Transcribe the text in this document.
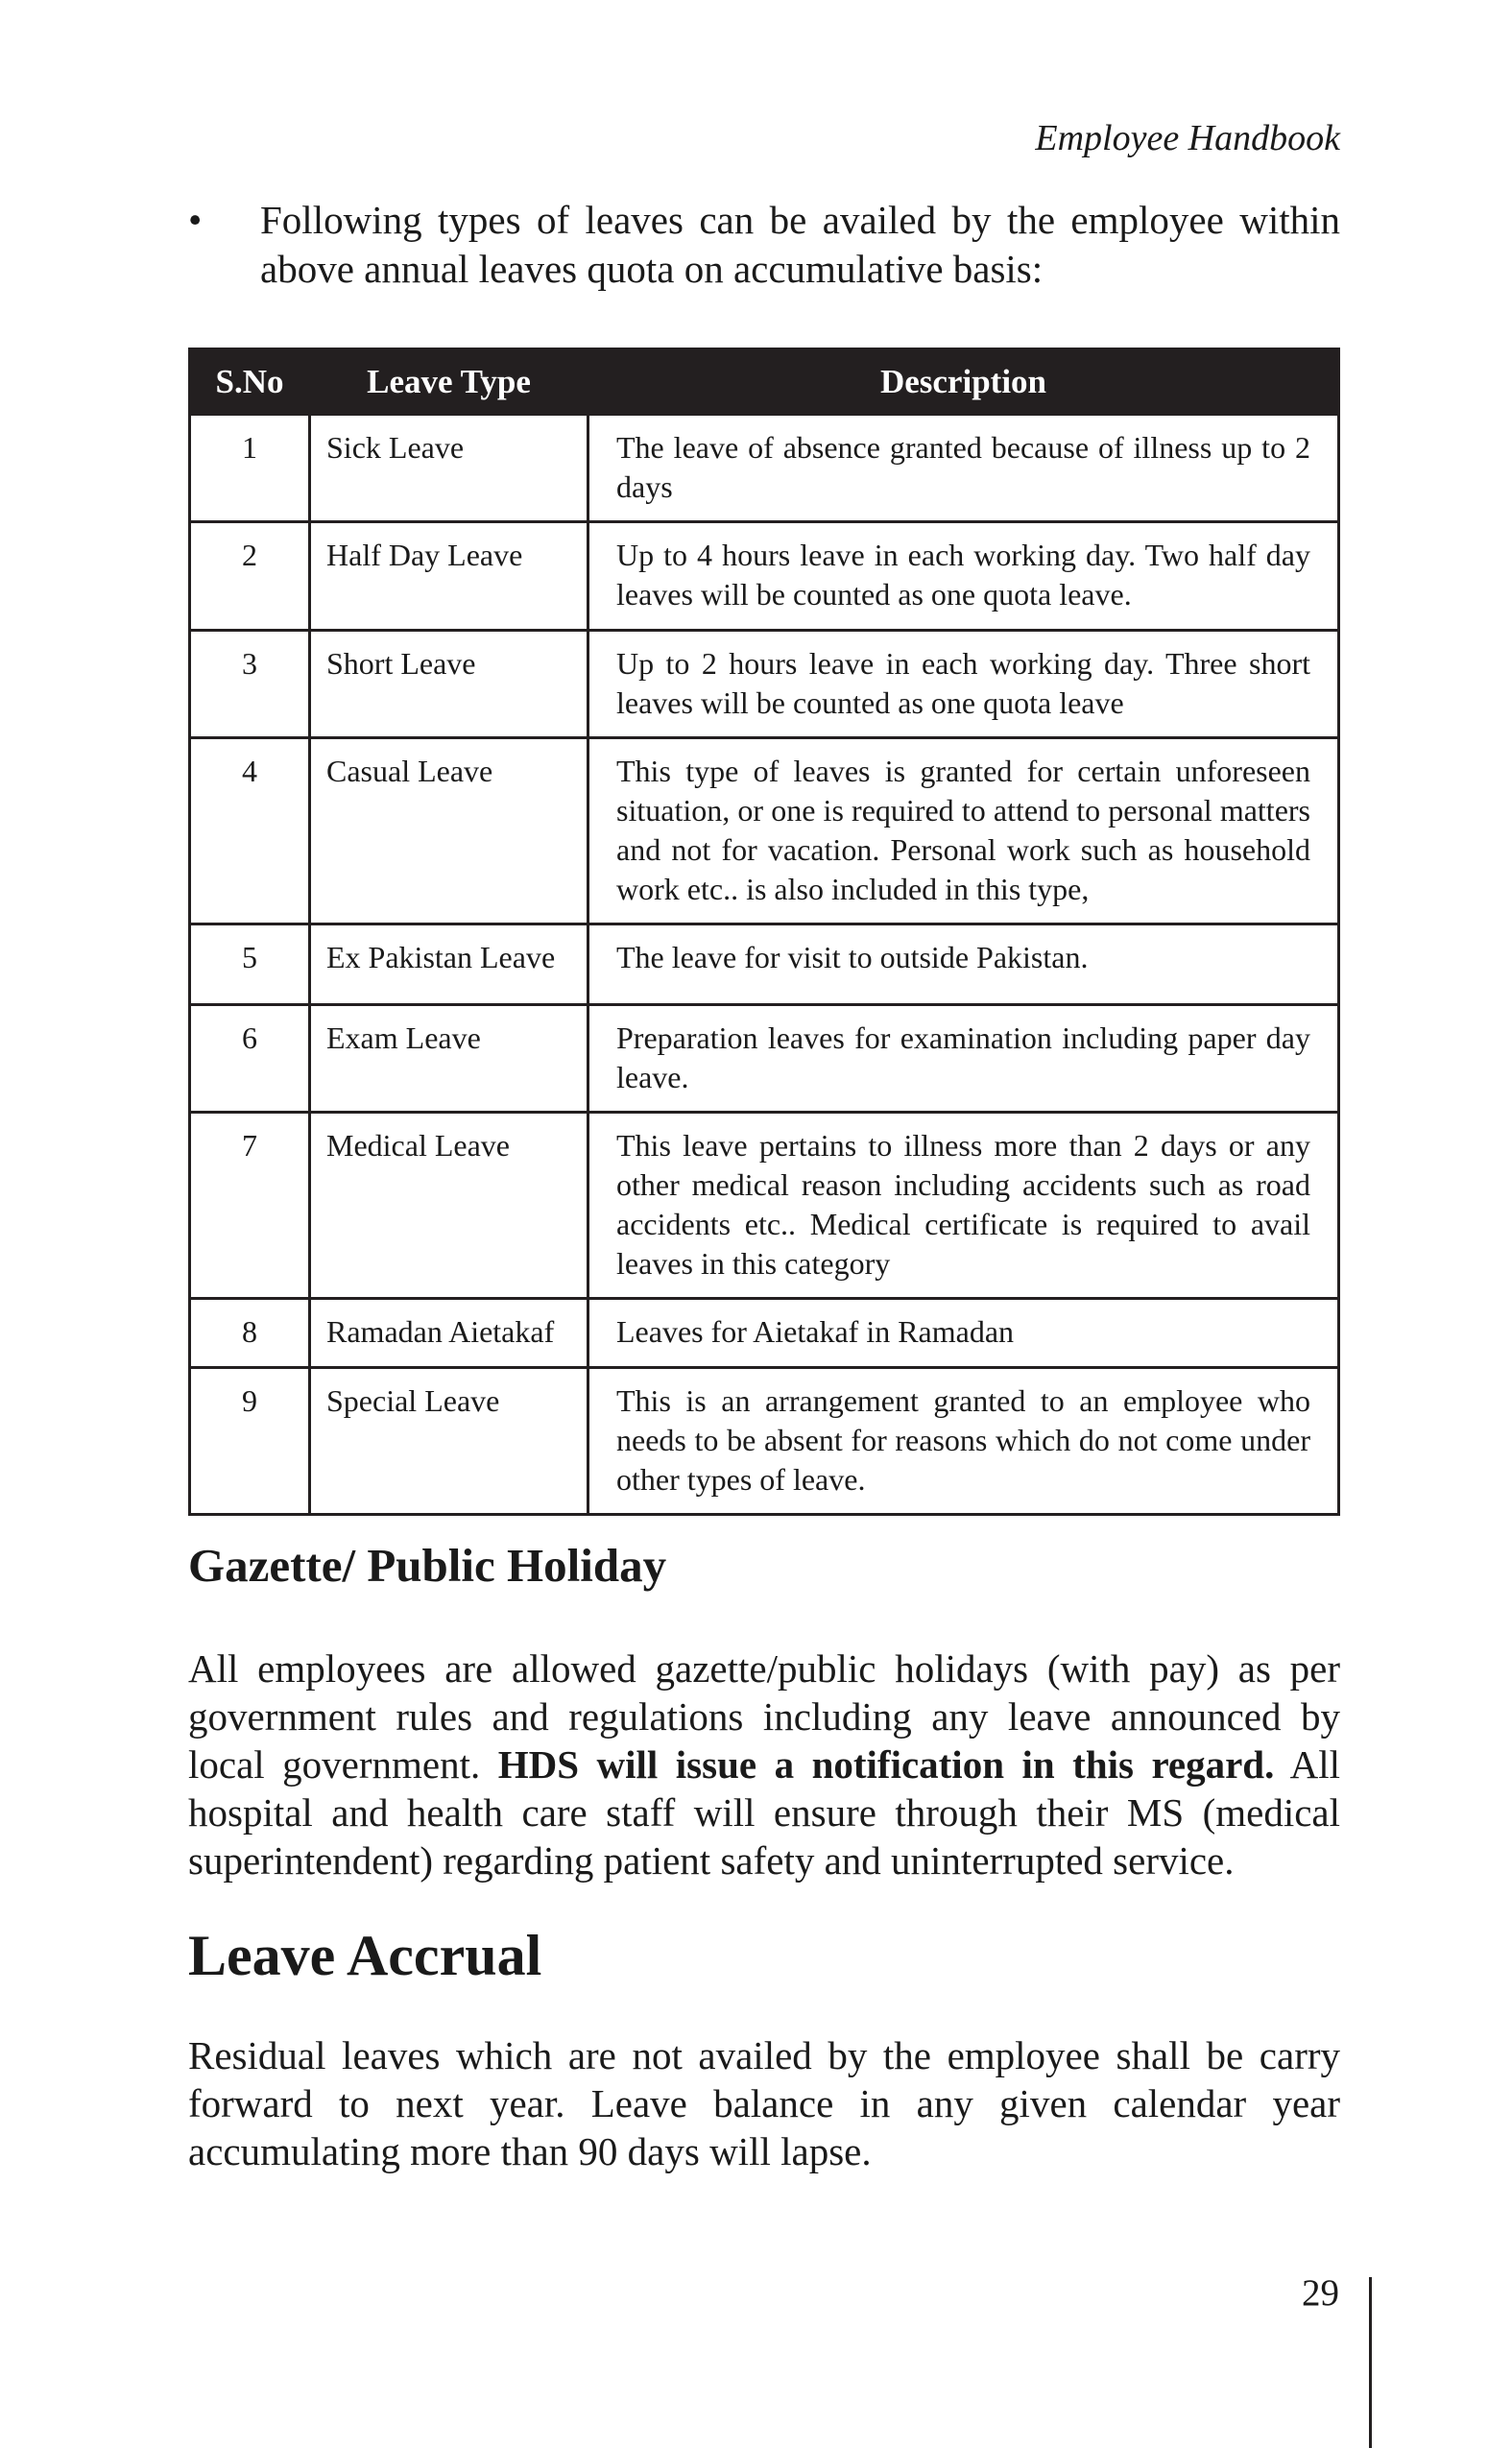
Employee Handbook
• Following types of leaves can be availed by the employee within above annual leaves quota on accumulative basis:
S.No	Leave Type	Description
1	Sick Leave	The leave of absence granted because of illness up to 2 days
2	Half Day Leave	Up to 4 hours leave in each working day. Two half day leaves will be counted as one quota leave.
3	Short Leave	Up to 2 hours leave in each working day. Three short leaves will be counted as one quota leave
4	Casual Leave	This type of leaves is granted for certain unforeseen situation, or one is required to attend to personal matters and not for vacation. Personal work such as household work etc.. is also included in this type,
5	Ex Pakistan Leave	The leave for visit to outside Pakistan.
6	Exam Leave	Preparation leaves for examination including paper day leave.
7	Medical Leave	This leave pertains to illness more than 2 days or any other medical reason including accidents such as road accidents etc.. Medical certificate is required to avail leaves in this category
8	Ramadan Aietakaf	Leaves for Aietakaf in Ramadan
9	Special Leave	This is an arrangement granted to an employee who needs to be absent for reasons which do not come under other types of leave.
Gazette/ Public Holiday
All employees are allowed gazette/public holidays (with pay) as per government rules and regulations including any leave announced by local government. HDS will issue a notification in this regard. All hospital and health care staff will ensure through their MS (medical superintendent) regarding patient safety and uninterrupted service.
Leave Accrual
Residual leaves which are not availed by the employee shall be carry forward to next year. Leave balance in any given calendar year accumulating more than 90 days will lapse.
29
